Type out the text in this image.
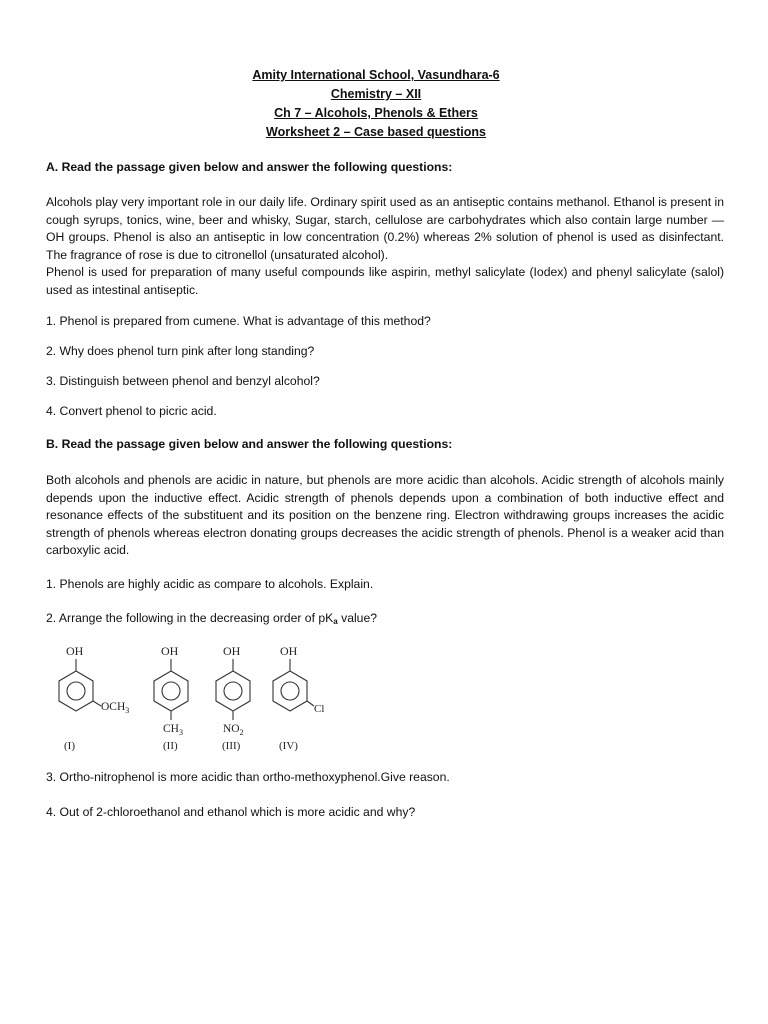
Amity International School, Vasundhara-6
Chemistry – XII
Ch 7 – Alcohols, Phenols & Ethers
Worksheet 2 – Case based questions
A. Read the passage given below and answer the following questions:
Alcohols play very important role in our daily life. Ordinary spirit used as an antiseptic contains methanol. Ethanol is present in cough syrups, tonics, wine, beer and whisky, Sugar, starch, cellulose are carbohydrates which also contain large number —OH groups. Phenol is also an antiseptic in low concentration (0.2%) whereas 2% solution of phenol is used as disinfectant. The fragrance of rose is due to citronellol (unsaturated alcohol).
Phenol is used for preparation of many useful compounds like aspirin, methyl salicylate (Iodex) and phenyl salicylate (salol) used as intestinal antiseptic.
1. Phenol is prepared from cumene. What is advantage of this method?
2. Why does phenol turn pink after long standing?
3. Distinguish between phenol and benzyl alcohol?
4. Convert phenol to picric acid.
B. Read the passage given below and answer the following questions:
Both alcohols and phenols are acidic in nature, but phenols are more acidic than alcohols. Acidic strength of alcohols mainly depends upon the inductive effect. Acidic strength of phenols depends upon a combination of both inductive effect and resonance effects of the substituent and its position on the benzene ring. Electron withdrawing groups increases the acidic strength of phenols whereas electron donating groups decreases the acidic strength of phenols. Phenol is a weaker acid than carboxylic acid.
1. Phenols are highly acidic as compare to alcohols. Explain.
2. Arrange the following in the decreasing order of pKa value?
OH	OH	OH	OH
$OCH_3$
$CH_3$	$NO_2$
Cl
(I)	(II)	(III)	(IV)
3. Ortho-nitrophenol is more acidic than ortho-methoxyphenol.Give reason.
4. Out of 2-chloroethanol and ethanol which is more acidic and why?
